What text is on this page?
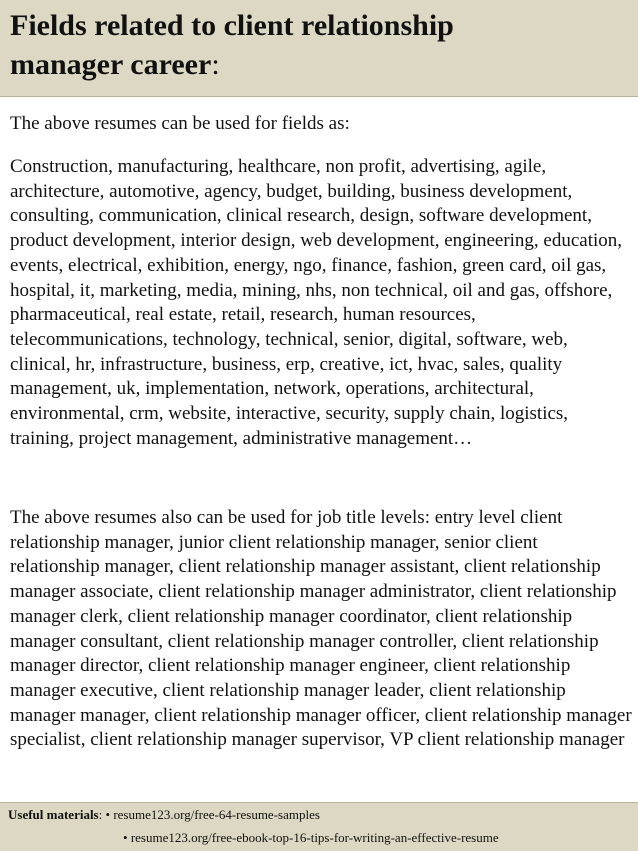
Fields related to client relationship
manager career:

The above resumes can be used for fields as:

Construction, manufacturing, healthcare, non profit, advertising, agile, architecture, automotive, agency, budget, building, business development, consulting, communication, clinical research, design, software development, product development, interior design, web development, engineering, education, events, electrical, exhibition, energy, ngo, finance, fashion, green card, oil gas, hospital, it, marketing, media, mining, nhs, non technical, oil and gas, offshore, pharmaceutical, real estate, retail, research, human resources, telecommunications, technology, technical, senior, digital, software, web, clinical, hr, infrastructure, business, erp, creative, ict, hvac, sales, quality management, uk, implementation, network, operations, architectural, environmental, crm, website, interactive, security, supply chain, logistics, training, project management, administrative management…

The above resumes also can be used for job title levels: entry level client relationship manager, junior client relationship manager, senior client relationship manager, client relationship manager assistant, client relationship manager associate, client relationship manager administrator, client relationship manager clerk, client relationship manager coordinator, client relationship manager consultant, client relationship manager controller, client relationship manager director, client relationship manager engineer, client relationship manager executive, client relationship manager leader, client relationship manager manager, client relationship manager officer, client relationship manager specialist, client relationship manager supervisor, VP client relationship manager

Useful materials: • resume123.org/free-64-resume-samples
• resume123.org/free-ebook-top-16-tips-for-writing-an-effective-resume
